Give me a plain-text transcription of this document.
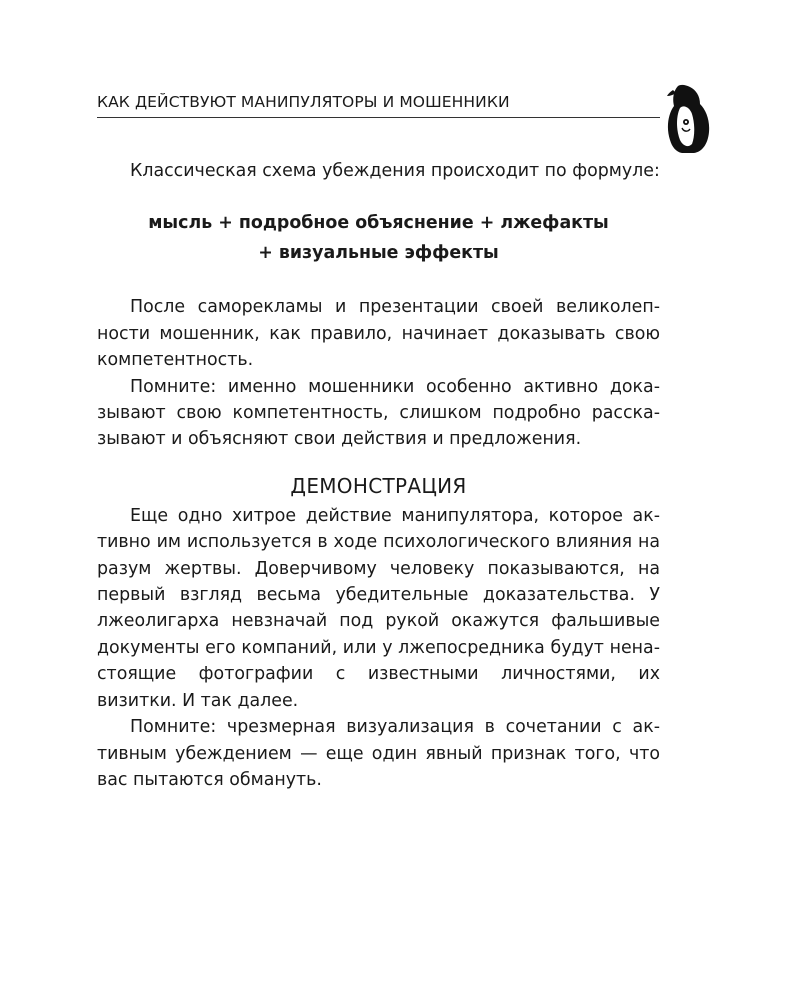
КАК ДЕЙСТВУЮТ МАНИПУЛЯТОРЫ И МОШЕННИКИ

Классическая схема убеждения происходит по формуле:

мысль + подробное объяснение + лжефакты
+ визуальные эффекты

После саморекламы и презентации своей великолепности мошенник, как правило, начинает доказывать свою компетентность.

Помните: именно мошенники особенно активно доказывают свою компетентность, слишком подробно рассказывают и объясняют свои действия и предложения.

ДЕМОНСТРАЦИЯ

Еще одно хитрое действие манипулятора, которое активно им используется в ходе психологического влияния на разум жертвы. Доверчивому человеку показываются, на первый взгляд весьма убедительные доказательства. У лжеолигарха невзначай под рукой окажутся фальшивые документы его компаний, или у лжепосредника будут ненастоящие фотографии с известными личностями, их визитки. И так далее.

Помните: чрезмерная визуализация в сочетании с активным убеждением — еще один явный признак того, что вас пытаются обмануть.
